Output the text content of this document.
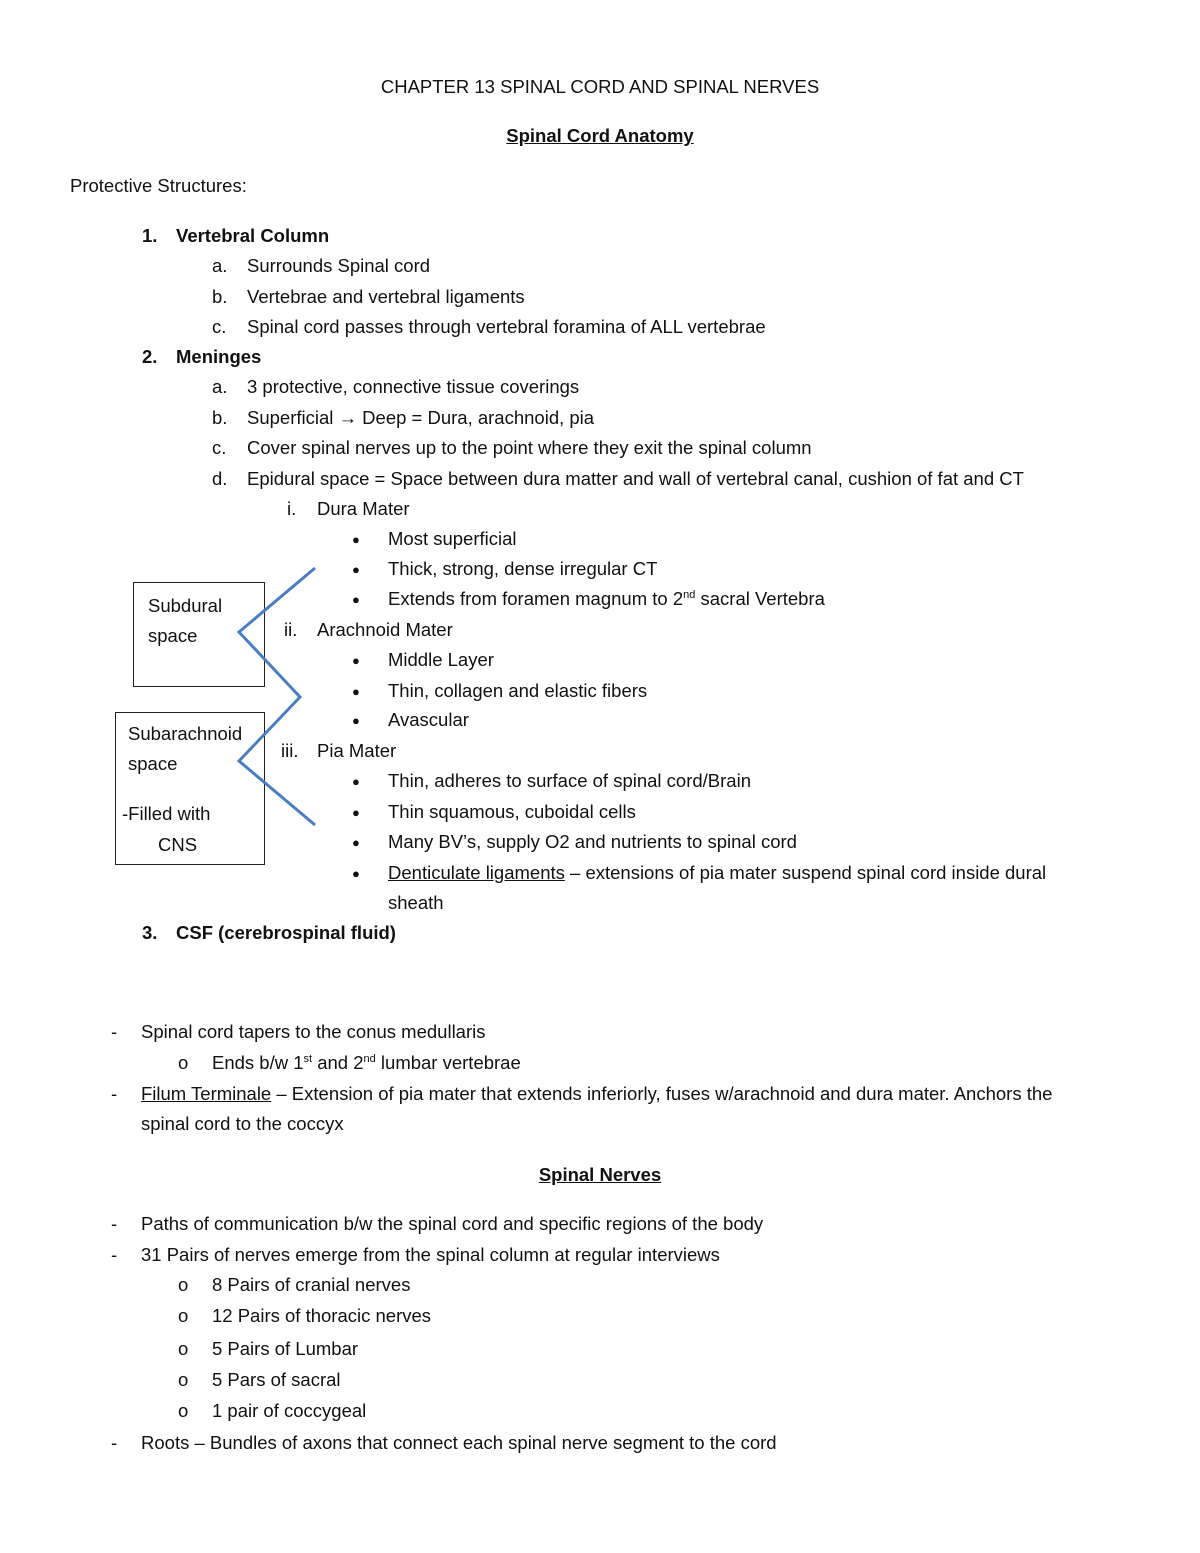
CHAPTER 13 SPINAL CORD AND SPINAL NERVES
Spinal Cord Anatomy
Protective Structures:
1. Vertebral Column
a. Surrounds Spinal cord
b. Vertebrae and vertebral ligaments
c. Spinal cord passes through vertebral foramina of ALL vertebrae
2. Meninges
a. 3 protective, connective tissue coverings
b. Superficial → Deep = Dura, arachnoid, pia
c. Cover spinal nerves up to the point where they exit the spinal column
d. Epidural space = Space between dura matter and wall of vertebral canal, cushion of fat and CT
i. Dura Mater
● Most superficial
● Thick, strong, dense irregular CT
● Extends from foramen magnum to 2nd sacral Vertebra
ii. Arachnoid Mater
● Middle Layer
● Thin, collagen and elastic fibers
● Avascular
iii. Pia Mater
● Thin, adheres to surface of spinal cord/Brain
● Thin squamous, cuboidal cells
● Many BV’s, supply O2 and nutrients to spinal cord
● Denticulate ligaments – extensions of pia mater suspend spinal cord inside dural
sheath
3. CSF (cerebrospinal fluid)
Subdural
space
Subarachnoid
space
-Filled with
CNS
- Spinal cord tapers to the conus medullaris
o Ends b/w 1st and 2nd lumbar vertebrae
- Filum Terminale – Extension of pia mater that extends inferiorly, fuses w/arachnoid and dura mater. Anchors the
spinal cord to the coccyx
Spinal Nerves
- Paths of communication b/w the spinal cord and specific regions of the body
- 31 Pairs of nerves emerge from the spinal column at regular interviews
o 8 Pairs of cranial nerves
o 12 Pairs of thoracic nerves
o 5 Pairs of Lumbar
o 5 Pars of sacral
o 1 pair of coccygeal
- Roots – Bundles of axons that connect each spinal nerve segment to the cord
